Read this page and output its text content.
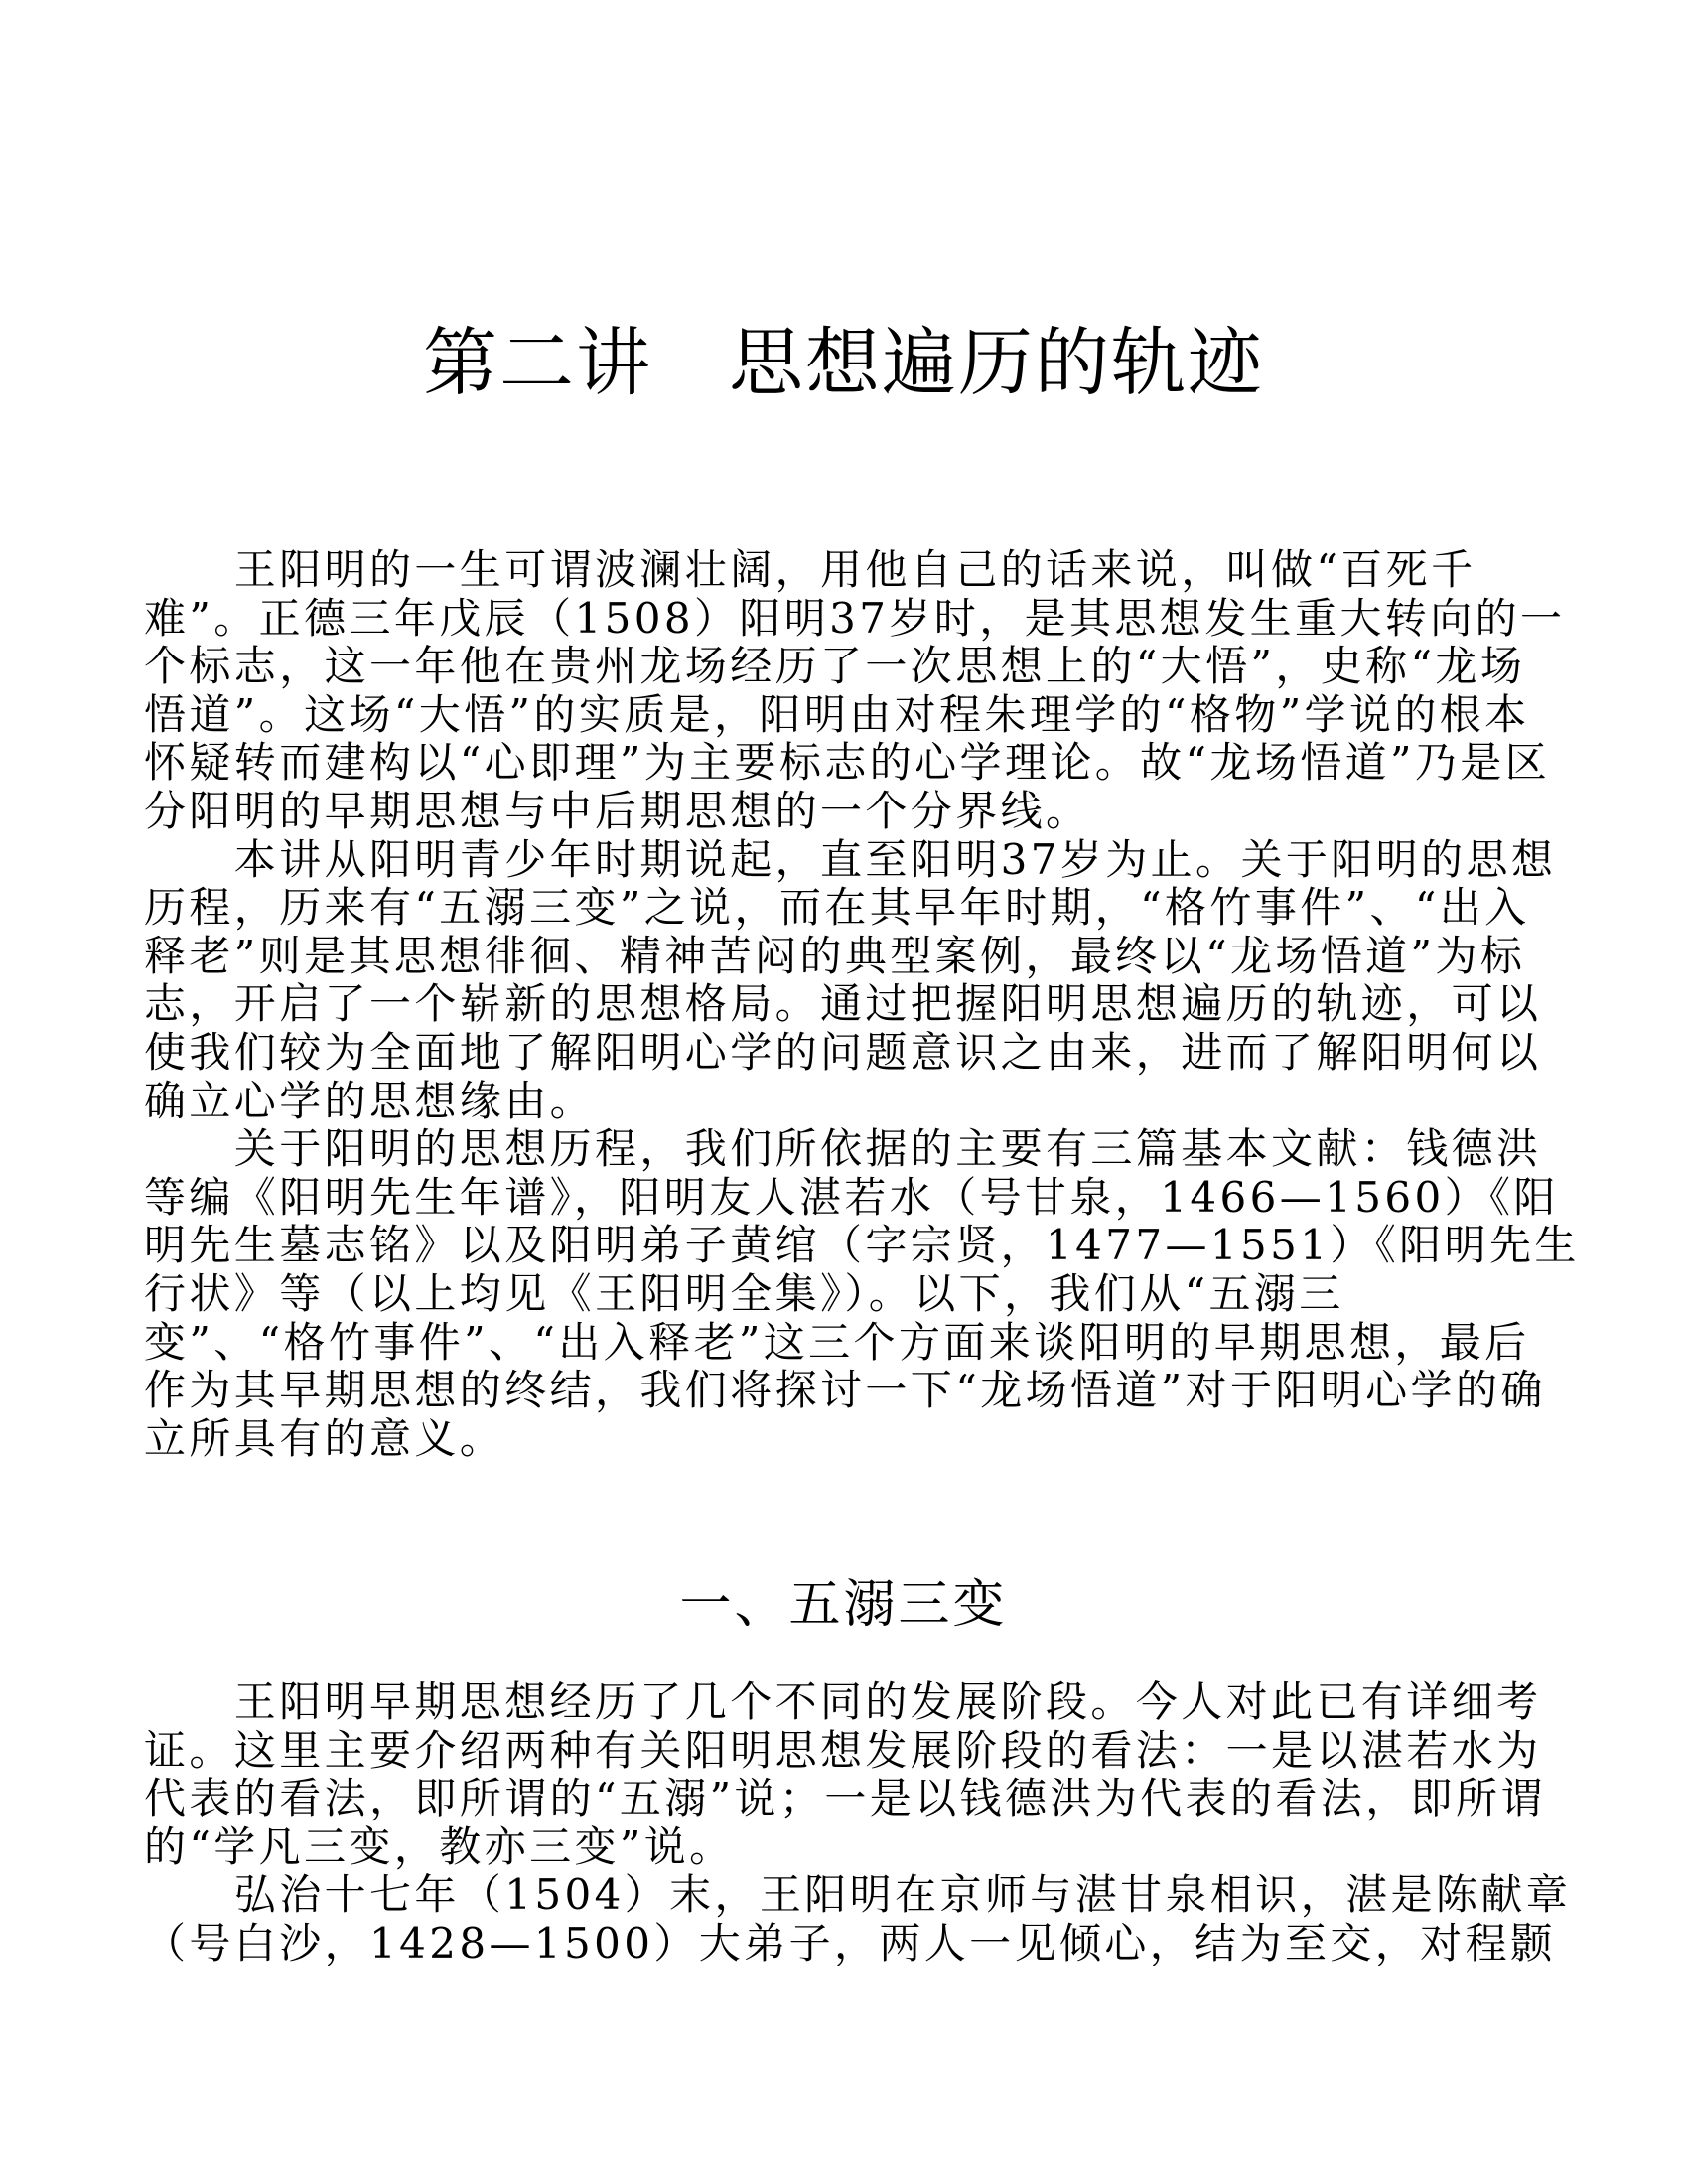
第二讲　思想遍历的轨迹
　　王阳明的一生可谓波澜壮阔，用他自己的话来说，叫做“百死千
难”。正德三年戊辰（1508）阳明37岁时，是其思想发生重大转向的一
个标志，这一年他在贵州龙场经历了一次思想上的“大悟”，史称“龙场
悟道”。这场“大悟”的实质是，阳明由对程朱理学的“格物”学说的根本
怀疑转而建构以“心即理”为主要标志的心学理论。故“龙场悟道”乃是区
分阳明的早期思想与中后期思想的一个分界线。
　　本讲从阳明青少年时期说起，直至阳明37岁为止。关于阳明的思想
历程，历来有“五溺三变”之说，而在其早年时期，“格竹事件”、“出入
释老”则是其思想徘徊、精神苦闷的典型案例，最终以“龙场悟道”为标
志，开启了一个崭新的思想格局。通过把握阳明思想遍历的轨迹，可以
使我们较为全面地了解阳明心学的问题意识之由来，进而了解阳明何以
确立心学的思想缘由。
　　关于阳明的思想历程，我们所依据的主要有三篇基本文献：钱德洪
等编《阳明先生年谱》，阳明友人湛若水（号甘泉，1466—1560）《阳
明先生墓志铭》以及阳明弟子黄绾（字宗贤，1477—1551）《阳明先生
行状》等（以上均见《王阳明全集》）。以下，我们从“五溺三
变”、“格竹事件”、“出入释老”这三个方面来谈阳明的早期思想，最后
作为其早期思想的终结，我们将探讨一下“龙场悟道”对于阳明心学的确
立所具有的意义。
一、五溺三变
　　王阳明早期思想经历了几个不同的发展阶段。今人对此已有详细考
证。这里主要介绍两种有关阳明思想发展阶段的看法：一是以湛若水为
代表的看法，即所谓的“五溺”说；一是以钱德洪为代表的看法，即所谓
的“学凡三变，教亦三变”说。
　　弘治十七年（1504）末，王阳明在京师与湛甘泉相识，湛是陈献章
（号白沙，1428—1500）大弟子，两人一见倾心，结为至交，对程颢
